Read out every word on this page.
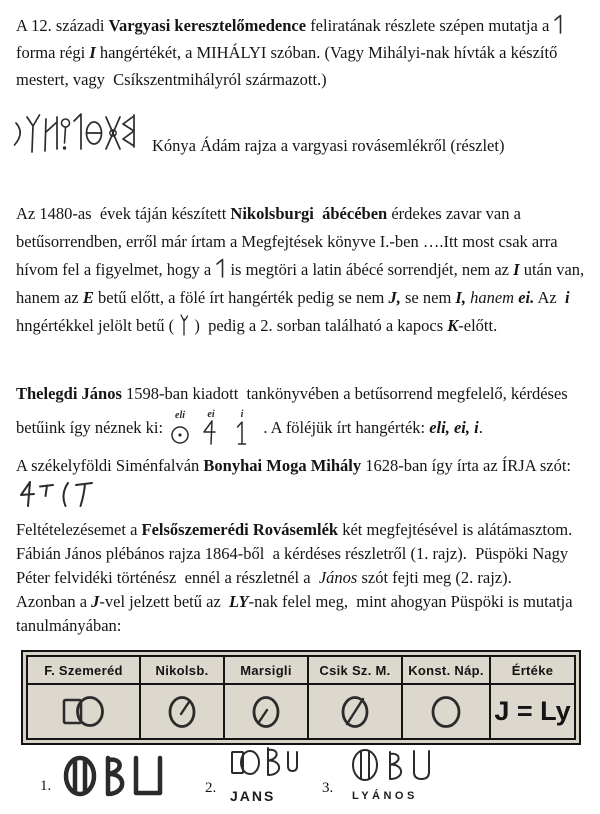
A 12. századi Vargyasi keresztelőmedence feliratának részlete szépen mutatja a
forma régi I hangértékét, a MIHÁLYI szóban. (Vagy Mihályi-nak hívták a készítő mestert, vagy  Csíkszentmihályról származott.)
Kónya Ádám rajza a vargyasi rovásemlékről (részlet)
Az 1480-as  évek táján készített Nikolsburgi  ábécében érdekes zavar van a betűsorrendben, erről már írtam a Megfejtések könyve I.-ben ….Itt most csak arra hívom fel a figyelmet, hogy a
is megtöri a latin ábécé sorrendjét, nem az I után van, hanem az E betű előtt, a fölé írt hangérték pedig se nem J, se nem I, hanem ei. Az  i  hngértékkel jelölt betű (
)  pedig a 2. sorban található a kapocs K-előtt.
Thelegdi János 1598-ban kiadott  tankönyvében a betűsorrend megfelelő, kérdéses betűink így néznek ki:
eli ei	i
. A föléjük írt hangérték: eli, ei, i.
A székelyföldi Siménfalván Bonyhai Moga Mihály 1628-ban így írta az ÍRJA szót:
Feltételezésemet a Felsőszemerédi Rovásemlék két megfejtésével is alátámasztom. Fábián János plébános rajza 1864-ből  a kérdéses részletről (1. rajz).  Püspöki Nagy Péter felvidéki történész  ennél a részletnél a  János szót fejti meg (2. rajz).  Azonban a J-vel jelzett betű az  LY-nak felel meg,  mint ahogyan Püspöki is mutatja tanulmányában:
F. Szemeréd	Nikolsb.	Marsigli	Csik Sz. M.	Konst. Náp.	Értéke
J = Ly
1.	2. JANS	3. LYÁNOS
